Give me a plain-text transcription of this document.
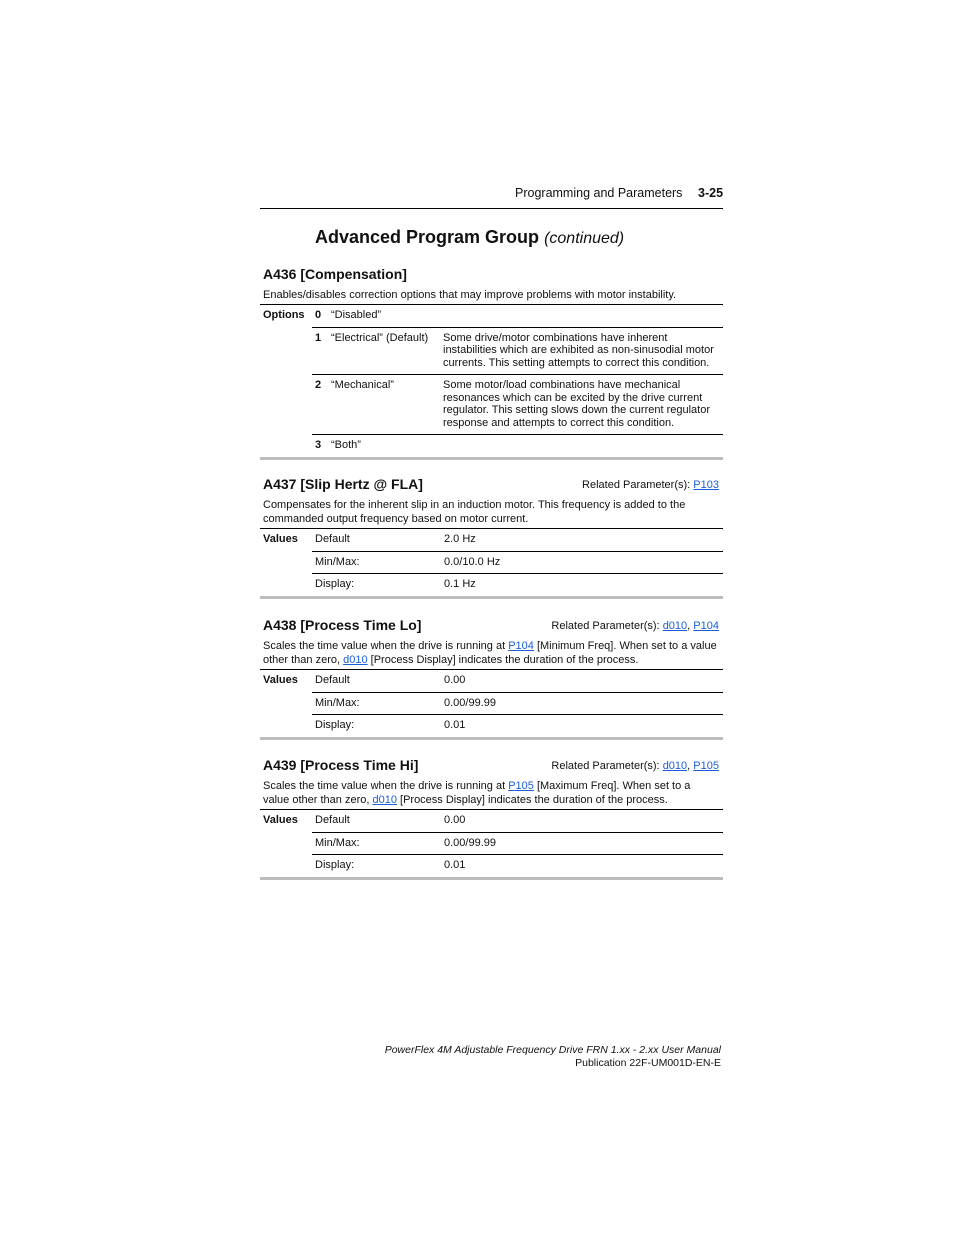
Programming and Parameters 3-25
Advanced Program Group (continued)
A436 [Compensation]
Enables/disables correction options that may improve problems with motor instability.
Options	0	“Disabled”	
	1	“Electrical” (Default)	Some drive/motor combinations have inherent instabilities which are exhibited as non-sinusodial motor currents. This setting attempts to correct this condition.
	2	“Mechanical”	Some motor/load combinations have mechanical resonances which can be excited by the drive current regulator. This setting slows down the current regulator response and attempts to correct this condition.
	3	“Both”	
A437 [Slip Hertz @ FLA]	Related Parameter(s): P103
Compensates for the inherent slip in an induction motor. This frequency is added to the commanded output frequency based on motor current.
Values	Default	2.0 Hz
	Min/Max:	0.0/10.0 Hz
	Display:	0.1 Hz
A438 [Process Time Lo]	Related Parameter(s): d010, P104
Scales the time value when the drive is running at P104 [Minimum Freq]. When set to a value other than zero, d010 [Process Display] indicates the duration of the process.
Values	Default	0.00
	Min/Max:	0.00/99.99
	Display:	0.01
A439 [Process Time Hi]	Related Parameter(s): d010, P105
Scales the time value when the drive is running at P105 [Maximum Freq]. When set to a value other than zero, d010 [Process Display] indicates the duration of the process.
Values	Default	0.00
	Min/Max:	0.00/99.99
	Display:	0.01
PowerFlex 4M Adjustable Frequency Drive FRN 1.xx - 2.xx User Manual
Publication 22F-UM001D-EN-E
